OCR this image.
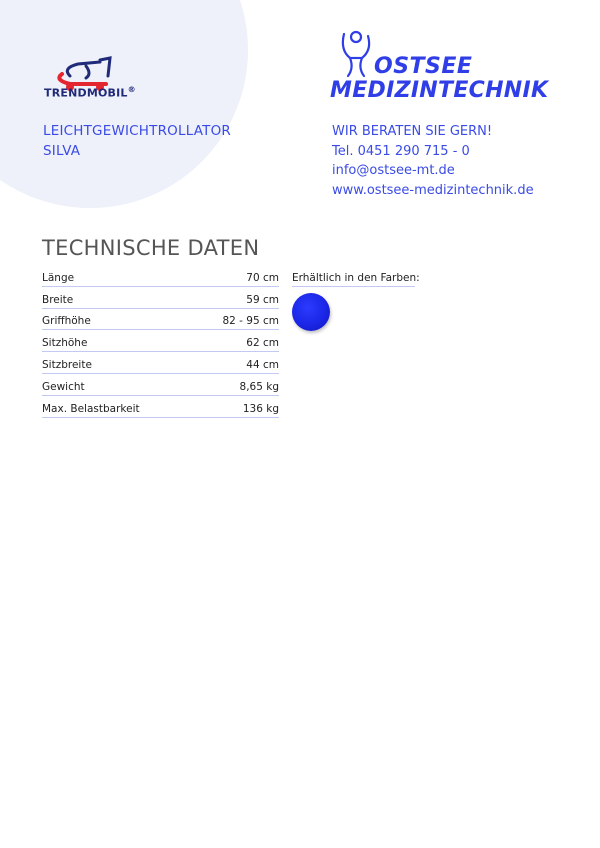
TRENDMOBIL®
LEICHTGEWICHTROLLATOR
SILVA
OSTSEE
MEDIZINTECHNIK
WIR BERATEN SIE GERN!
Tel. 0451 290 715 - 0
info@ostsee-mt.de
www.ostsee-medizintechnik.de
TECHNISCHE DATEN
Länge	70 cm
Breite	59 cm
Griffhöhe	82 - 95 cm
Sitzhöhe	62 cm
Sitzbreite	44 cm
Gewicht	8,65 kg
Max. Belastbarkeit	136 kg
Erhältlich in den Farben:
